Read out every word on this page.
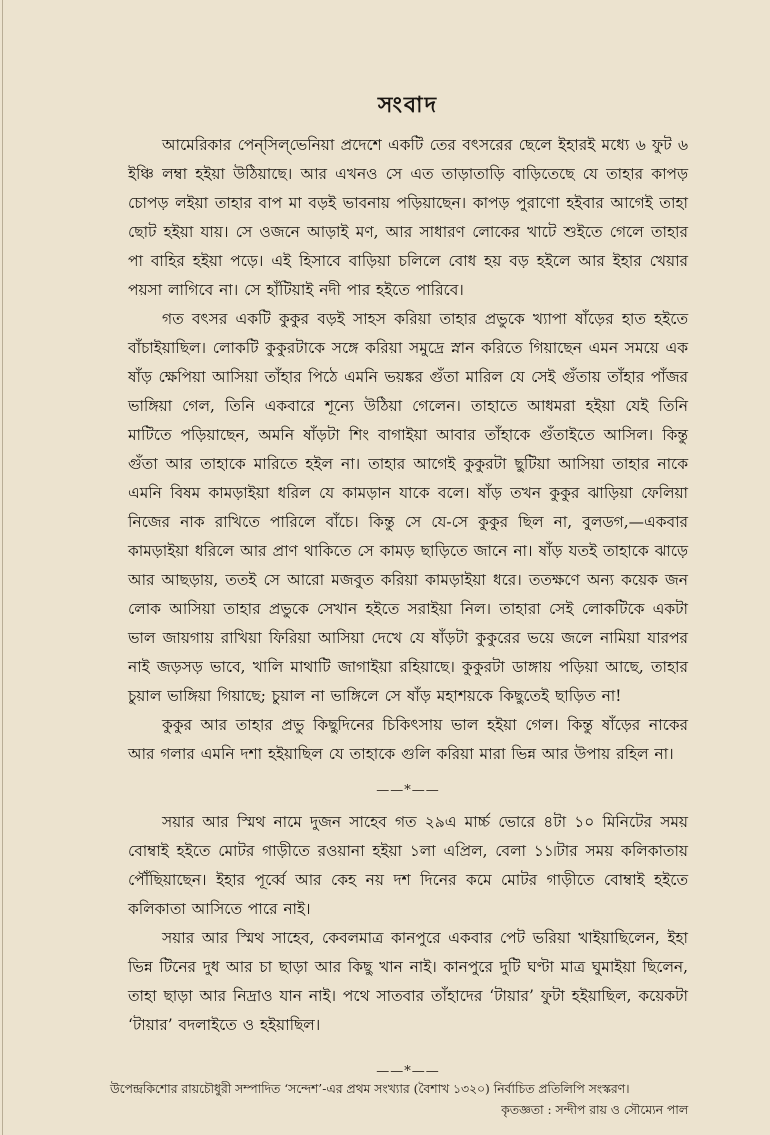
সংবাদ

আমেরিকার পেন্‌সিল্‌ভেনিয়া প্রদেশে একটি তের বৎসরের ছেলে ইহারই মধ্যে ৬ ফুট ৬ ইঞ্চি লম্বা হইয়া উঠিয়াছে। আর এখনও সে এত তাড়াতাড়ি বাড়িতেছে যে তাহার কাপড় চোপড় লইয়া তাহার বাপ মা বড়ই ভাবনায় পড়িয়াছেন। কাপড় পুরাণো হইবার আগেই তাহা ছোট হইয়া যায়। সে ওজনে আড়াই মণ, আর সাধারণ লোকের খাটে শুইতে গেলে তাহার পা বাহির হইয়া পড়ে। এই হিসাবে বাড়িয়া চলিলে বোধ হয় বড় হইলে আর ইহার খেয়ার পয়সা লাগিবে না। সে হাঁটিয়াই নদী পার হইতে পারিবে।

গত বৎসর একটি কুকুর বড়ই সাহস করিয়া তাহার প্রভুকে খ্যাপা ষাঁড়ের হাত হইতে বাঁচাইয়াছিল। লোকটি কুকুরটাকে সঙ্গে করিয়া সমুদ্রে স্নান করিতে গিয়াছেন এমন সময়ে এক ষাঁড় ক্ষেপিয়া আসিয়া তাঁহার পিঠে এমনি ভয়ঙ্কর গুঁতা মারিল যে সেই গুঁতায় তাঁহার পাঁজর ভাঙ্গিয়া গেল, তিনি একবারে শূন্যে উঠিয়া গেলেন। তাহাতে আধমরা হইয়া যেই তিনি মাটিতে পড়িয়াছেন, অমনি ষাঁড়টা শিং বাগাইয়া আবার তাঁহাকে গুঁতাইতে আসিল। কিন্তু গুঁতা আর তাহাকে মারিতে হইল না। তাহার আগেই কুকুরটা ছুটিয়া আসিয়া তাহার নাকে এমনি বিষম কামড়াইয়া ধরিল যে কামড়ান যাকে বলে। ষাঁড় তখন কুকুর ঝাড়িয়া ফেলিয়া নিজের নাক রাখিতে পারিলে বাঁচে। কিন্তু সে যে-সে কুকুর ছিল না, বুলডগ,—একবার কামড়াইয়া ধরিলে আর প্রাণ থাকিতে সে কামড় ছাড়িতে জানে না। ষাঁড় যতই তাহাকে ঝাড়ে আর আছড়ায়, ততই সে আরো মজবুত করিয়া কামড়াইয়া ধরে। ততক্ষণে অন্য কয়েক জন লোক আসিয়া তাহার প্রভুকে সেখান হইতে সরাইয়া নিল। তাহারা সেই লোকটিকে একটা ভাল জায়গায় রাখিয়া ফিরিয়া আসিয়া দেখে যে ষাঁড়টা কুকুরের ভয়ে জলে নামিয়া যারপর নাই জড়সড় ভাবে, খালি মাথাটি জাগাইয়া রহিয়াছে। কুকুরটা ডাঙ্গায় পড়িয়া আছে, তাহার চুয়াল ভাঙ্গিয়া গিয়াছে; চুয়াল না ভাঙ্গিলে সে ষাঁড় মহাশয়কে কিছুতেই ছাড়িত না!

কুকুর আর তাহার প্রভু কিছুদিনের চিকিৎসায় ভাল হইয়া গেল। কিন্তু ষাঁড়ের নাকের আর গলার এমনি দশা হইয়াছিল যে তাহাকে গুলি করিয়া মারা ভিন্ন আর উপায় রহিল না।

——*——

সয়ার আর স্মিথ নামে দুজন সাহেব গত ২৯এ মার্চ্চ ভোরে ৪টা ১০ মিনিটের সময় বোম্বাই হইতে মোটর গাড়ীতে রওয়ানা হইয়া ১লা এপ্রিল, বেলা ১১৷টার সময় কলিকাতায় পৌঁছিয়াছেন। ইহার পূর্ব্বে আর কেহ নয় দশ দিনের কমে মোটর গাড়ীতে বোম্বাই হইতে কলিকাতা আসিতে পারে নাই।

সয়ার আর স্মিথ সাহেব, কেবলমাত্র কানপুরে একবার পেট ভরিয়া খাইয়াছিলেন, ইহা ভিন্ন টিনের দুধ আর চা ছাড়া আর কিছু খান নাই। কানপুরে দুটি ঘণ্টা মাত্র ঘুমাইয়া ছিলেন, তাহা ছাড়া আর নিদ্রাও যান নাই। পথে সাতবার তাঁহাদের ‘টায়ার’ ফুটা হইয়াছিল, কয়েকটা ‘টায়ার’ বদলাইতে ও হইয়াছিল।

——*——
উপেন্দ্রকিশোর রায়চৌধুরী সম্পাদিত ‘সন্দেশ’-এর প্রথম সংখ্যার (বৈশাখ ১৩২০) নির্বাচিত প্রতিলিপি সংস্করণ।
কৃতজ্ঞতা : সন্দীপ রায় ও সৌম্যেন পাল
